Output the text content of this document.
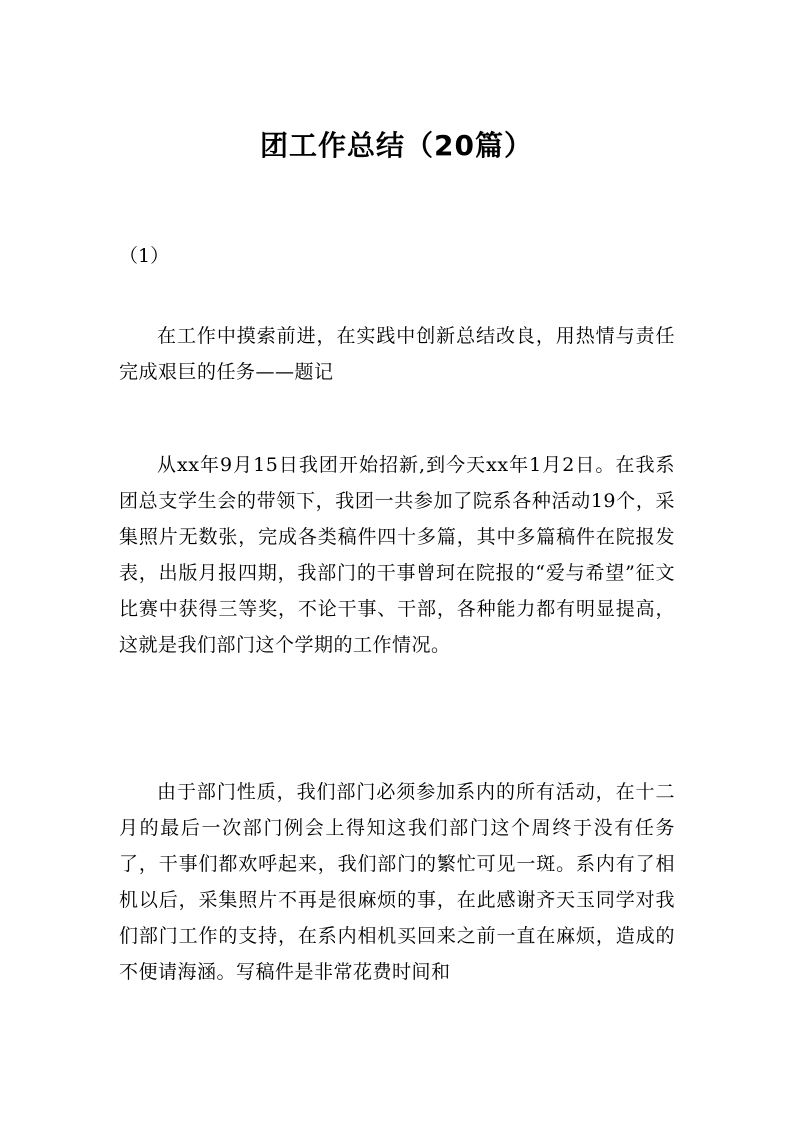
团工作总结（20篇）
（1）
在工作中摸索前进，在实践中创新总结改良，用热情与责任完成艰巨的任务——题记
从xx年9月15日我团开始招新,到今天xx年1月2日。在我系团总支学生会的带领下，我团一共参加了院系各种活动19个，采集照片无数张，完成各类稿件四十多篇，其中多篇稿件在院报发表，出版月报四期，我部门的干事曾珂在院报的“爱与希望”征文比赛中获得三等奖，不论干事、干部，各种能力都有明显提高，这就是我们部门这个学期的工作情况。
由于部门性质，我们部门必须参加系内的所有活动，在十二月的最后一次部门例会上得知这我们部门这个周终于没有任务了，干事们都欢呼起来，我们部门的繁忙可见一斑。系内有了相机以后，采集照片不再是很麻烦的事，在此感谢齐天玉同学对我们部门工作的支持，在系内相机买回来之前一直在麻烦，造成的不便请海涵。写稿件是非常花费时间和
